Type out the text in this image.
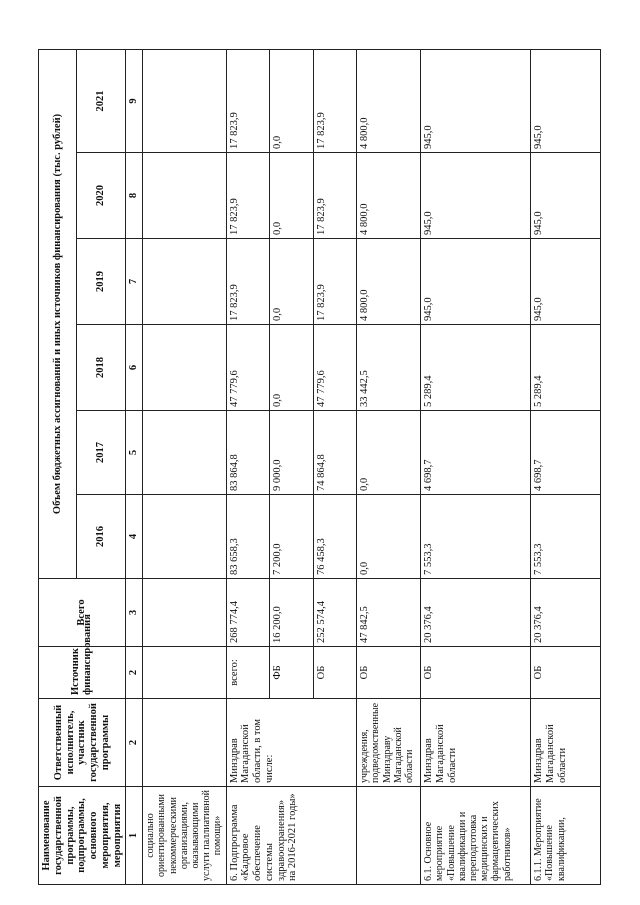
Наименование государственной программы, подпрограммы, основного мероприятия, мероприятия	Ответственный исполнитель, участник государственной программы	Источник финансирования	Всего	Объем бюджетных ассигнований и иных источников финансирования (тыс. рублей)					
				2016	2017	2018	2019	2020	2021
1	2	2	3	4	5	6	7	8	9
социально ориентированными некоммерческими организациями, оказывающими услуги паллиативной помощи»									
6. Подпрограмма «Кадровое обеспечение системы здравоохранения» на 2016-2021 годы»	Минздрав Магаданской области, в том числе:	всего:	268 774,4	83 658,3	83 864,8	47 779,6	17 823,9	17 823,9	17 823,9
		ФБ	16 200,0	7 200,0	9 000,0	0,0	0,0	0,0	0,0
		ОБ	252 574,4	76 458,3	74 864,8	47 779,6	17 823,9	17 823,9	17 823,9
	учреждения, подведомственные Минздраву Магаданской области	ОБ	47 842,5	0,0	0,0	33 442,5	4 800,0	4 800,0	4 800,0
6.1. Основное мероприятие «Повышение квалификации и переподготовка медицинских и фармацевтических работников»	Минздрав Магаданской области	ОБ	20 376,4	7 553,3	4 698,7	5 289,4	945,0	945,0	945,0
6.1.1. Мероприятие «Повышение квалификации,	Минздрав Магаданской области	ОБ	20 376,4	7 553,3	4 698,7	5 289,4	945,0	945,0	945,0
